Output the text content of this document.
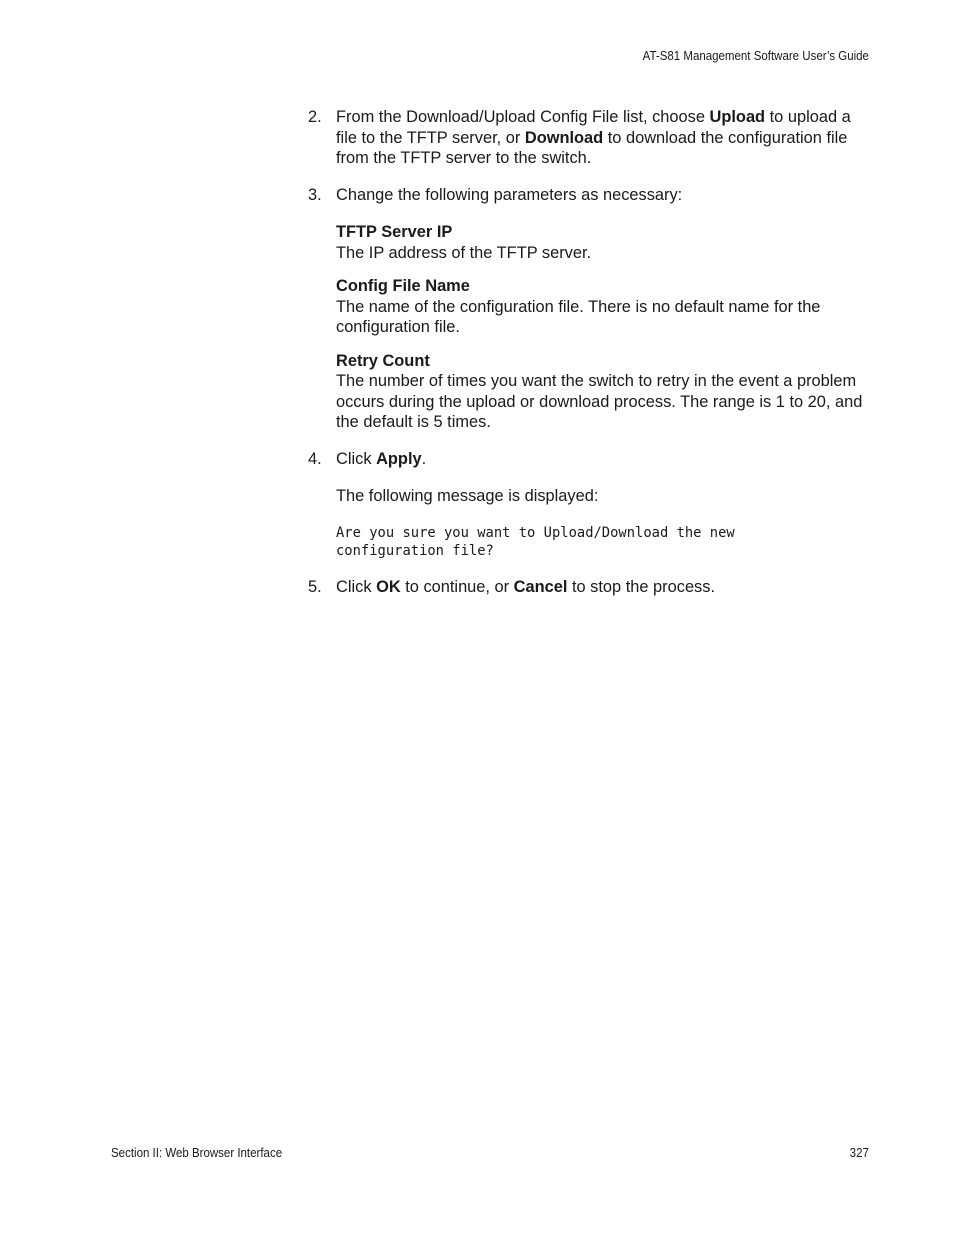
AT-S81 Management Software User’s Guide
2. From the Download/Upload Config File list, choose Upload to upload a file to the TFTP server, or Download to download the configuration file from the TFTP server to the switch.

3. Change the following parameters as necessary:

TFTP Server IP

The IP address of the TFTP server.

Config File Name

The name of the configuration file. There is no default name for the configuration file.

Retry Count

The number of times you want the switch to retry in the event a problem occurs during the upload or download process. The range is 1 to 20, and the default is 5 times.

4. Click Apply.

The following message is displayed:

Are you sure you want to Upload/Download the new

configuration file?

5. Click OK to continue, or Cancel to stop the process.

Section II: Web Browser Interface	327
